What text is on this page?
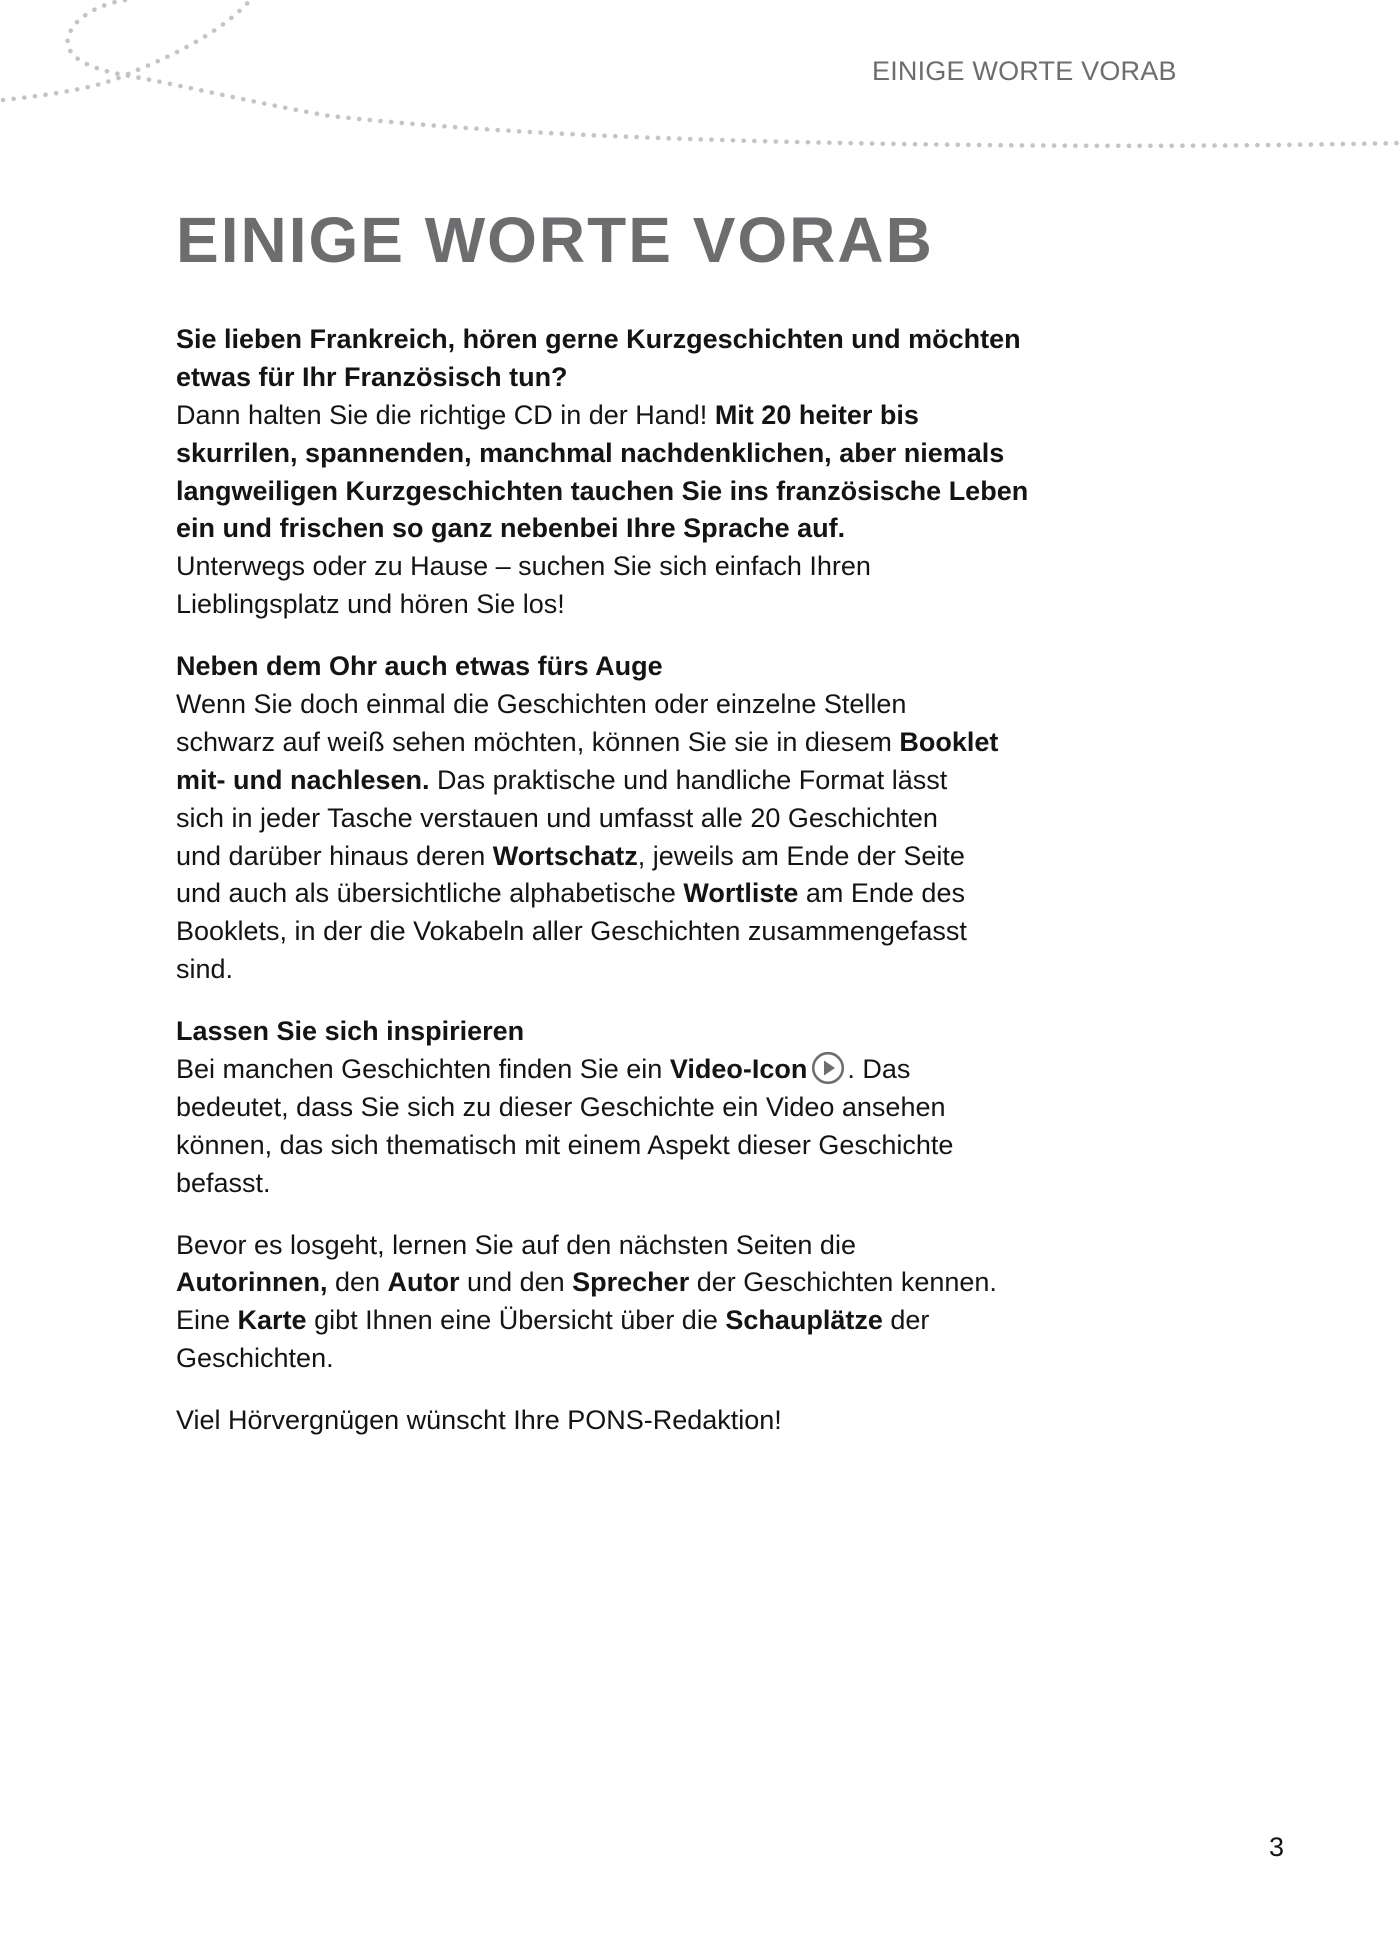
EINIGE WORTE VORAB
EINIGE WORTE VORAB

Sie lieben Frankreich, hören gerne Kurzgeschichten und möchten
etwas für Ihr Französisch tun?
Dann halten Sie die richtige CD in der Hand! Mit 20 heiter bis
skurrilen, spannenden, manchmal nachdenklichen, aber niemals
langweiligen Kurzgeschichten tauchen Sie ins französische Leben
ein und frischen so ganz nebenbei Ihre Sprache auf.
Unterwegs oder zu Hause – suchen Sie sich einfach Ihren
Lieblingsplatz und hören Sie los!

Neben dem Ohr auch etwas fürs Auge
Wenn Sie doch einmal die Geschichten oder einzelne Stellen
schwarz auf weiß sehen möchten, können Sie sie in diesem Booklet
mit- und nachlesen. Das praktische und handliche Format lässt
sich in jeder Tasche verstauen und umfasst alle 20 Geschichten
und darüber hinaus deren Wortschatz, jeweils am Ende der Seite
und auch als übersichtliche alphabetische Wortliste am Ende des
Booklets, in der die Vokabeln aller Geschichten zusammengefasst
sind.

Lassen Sie sich inspirieren
Bei manchen Geschichten finden Sie ein Video-Icon . Das
bedeutet, dass Sie sich zu dieser Geschichte ein Video ansehen
können, das sich thematisch mit einem Aspekt dieser Geschichte
befasst.

Bevor es losgeht, lernen Sie auf den nächsten Seiten die
Autorinnen, den Autor und den Sprecher der Geschichten kennen.
Eine Karte gibt Ihnen eine Übersicht über die Schauplätze der
Geschichten.

Viel Hörvergnügen wünscht Ihre PONS-Redaktion!

3
